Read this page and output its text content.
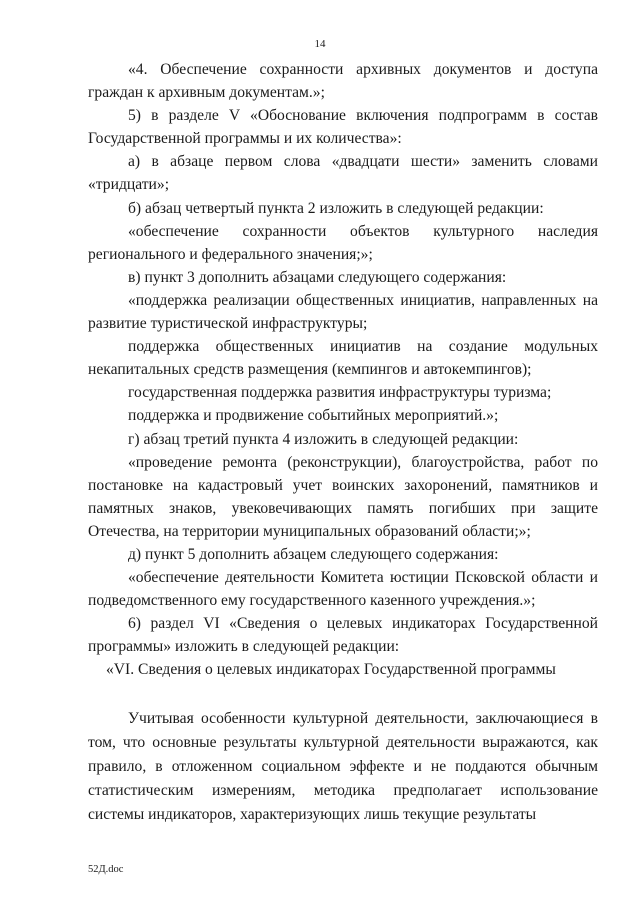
14

«4. Обеспечение сохранности архивных документов и доступа граждан к архивным документам.»;

5) в разделе V «Обоснование включения подпрограмм в состав Государственной программы и их количества»:

а) в абзаце первом слова «двадцати шести» заменить словами «тридцати»;

б) абзац четвертый пункта 2 изложить в следующей редакции:

«обеспечение сохранности объектов культурного наследия регионального и федерального значения;»;

в) пункт 3 дополнить абзацами следующего содержания:

«поддержка реализации общественных инициатив, направленных на развитие туристической инфраструктуры;

поддержка общественных инициатив на создание модульных некапитальных средств размещения (кемпингов и автокемпингов);

государственная поддержка развития инфраструктуры туризма;

поддержка и продвижение событийных мероприятий.»;

г) абзац третий пункта 4 изложить в следующей редакции:

«проведение ремонта (реконструкции), благоустройства, работ по постановке на кадастровый учет воинских захоронений, памятников и памятных знаков, увековечивающих память погибших при защите Отечества, на территории муниципальных образований области;»;

д) пункт 5 дополнить абзацем следующего содержания:

«обеспечение деятельности Комитета юстиции Псковской области и подведомственного ему государственного казенного учреждения.»;

6) раздел VI «Сведения о целевых индикаторах Государственной программы» изложить в следующей редакции:

«VI. Сведения о целевых индикаторах Государственной программы

Учитывая особенности культурной деятельности, заключающиеся в том, что основные результаты культурной деятельности выражаются, как правило, в отложенном социальном эффекте и не поддаются обычным статистическим измерениям, методика предполагает использование системы индикаторов, характеризующих лишь текущие результаты

52Д.doc
